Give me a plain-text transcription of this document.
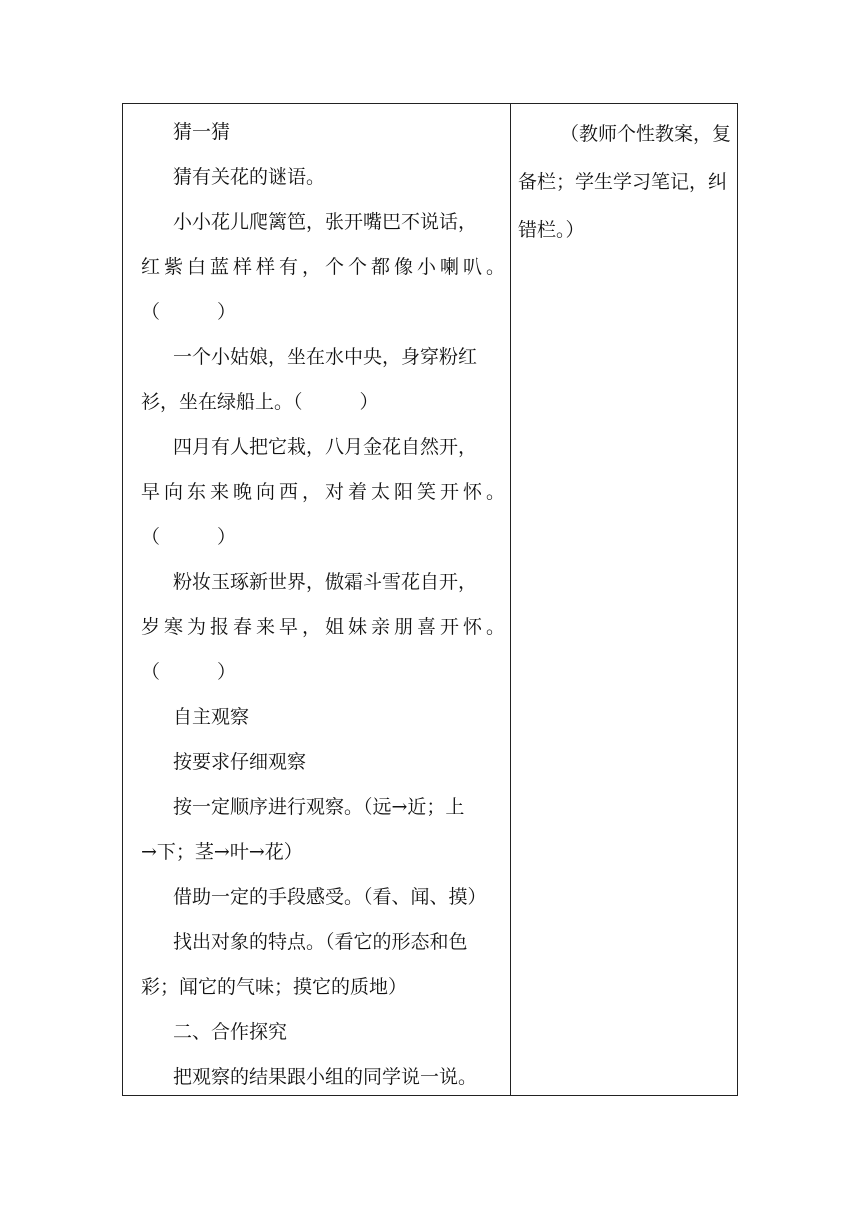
猜一猜
猜有关花的谜语。
小小花儿爬篱笆，张开嘴巴不说话，
红紫白蓝样样有，个个都像小喇叭。
（　　　）
一个小姑娘，坐在水中央，身穿粉红
衫，坐在绿船上。（　　　）
四月有人把它栽，八月金花自然开，
早向东来晚向西，对着太阳笑开怀。
（　　　）
粉妆玉琢新世界，傲霜斗雪花自开，
岁寒为报春来早，姐妹亲朋喜开怀。
（　　　）
自主观察
按要求仔细观察
按一定顺序进行观察。（远→近；上
→下；茎→叶→花）
借助一定的手段感受。（看、闻、摸）
找出对象的特点。（看它的形态和色
彩；闻它的气味；摸它的质地）
二、合作探究
把观察的结果跟小组的同学说一说。
（教师个性教案，复
备栏；学生学习笔记，纠
错栏。）
